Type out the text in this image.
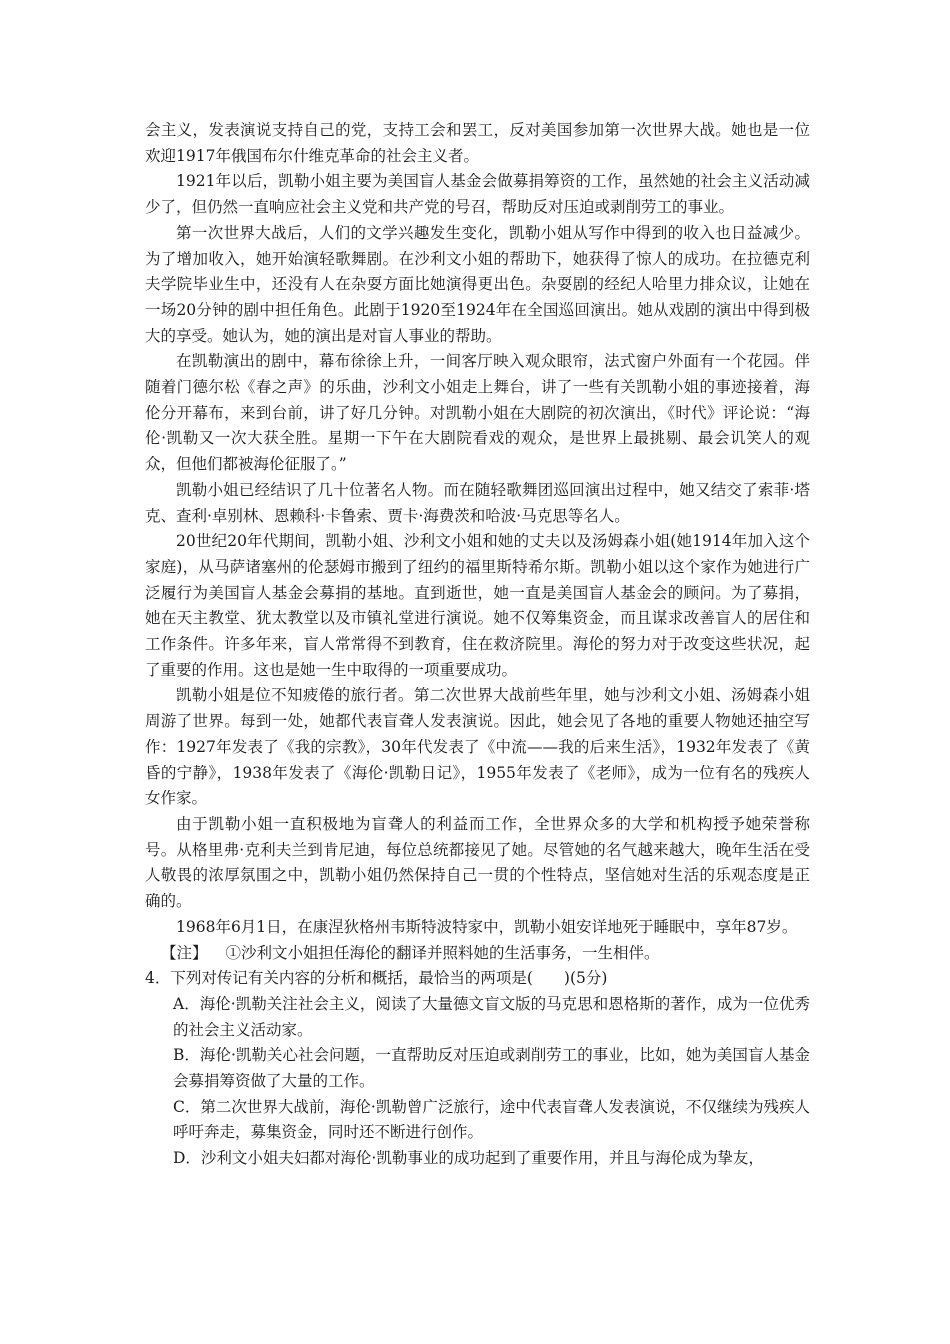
会主义，发表演说支持自己的党，支持工会和罢工，反对美国参加第一次世界大战。她也是一位欢迎1917年俄国布尔什维克革命的社会主义者。

1921年以后，凯勒小姐主要为美国盲人基金会做募捐筹资的工作，虽然她的社会主义活动减少了，但仍然一直响应社会主义党和共产党的号召，帮助反对压迫或剥削劳工的事业。

第一次世界大战后，人们的文学兴趣发生变化，凯勒小姐从写作中得到的收入也日益减少。为了增加收入，她开始演轻歌舞剧。在沙利文小姐的帮助下，她获得了惊人的成功。在拉德克利夫学院毕业生中，还没有人在杂耍方面比她演得更出色。杂耍剧的经纪人哈里力排众议，让她在一场20分钟的剧中担任角色。此剧于1920至1924年在全国巡回演出。她从戏剧的演出中得到极大的享受。她认为，她的演出是对盲人事业的帮助。

在凯勒演出的剧中，幕布徐徐上升，一间客厅映入观众眼帘，法式窗户外面有一个花园。伴随着门德尔松《春之声》的乐曲，沙利文小姐走上舞台，讲了一些有关凯勒小姐的事迹接着，海伦分开幕布，来到台前，讲了好几分钟。对凯勒小姐在大剧院的初次演出，《时代》评论说：“海伦·凯勒又一次大获全胜。星期一下午在大剧院看戏的观众，是世界上最挑剔、最会讥笑人的观众，但他们都被海伦征服了。”

凯勒小姐已经结识了几十位著名人物。而在随轻歌舞团巡回演出过程中，她又结交了索菲·塔克、查利·卓别林、恩赖科·卡鲁索、贾卡·海费茨和哈波·马克思等名人。

20世纪20年代期间，凯勒小姐、沙利文小姐和她的丈夫以及汤姆森小姐(她1914年加入这个家庭)，从马萨诸塞州的伦瑟姆市搬到了纽约的福里斯特希尔斯。凯勒小姐以这个家作为她进行广泛履行为美国盲人基金会募捐的基地。直到逝世，她一直是美国盲人基金会的顾问。为了募捐，她在天主教堂、犹太教堂以及市镇礼堂进行演说。她不仅筹集资金，而且谋求改善盲人的居住和工作条件。许多年来，盲人常常得不到教育，住在救济院里。海伦的努力对于改变这些状况，起了重要的作用。这也是她一生中取得的一项重要成功。

凯勒小姐是位不知疲倦的旅行者。第二次世界大战前些年里，她与沙利文小姐、汤姆森小姐周游了世界。每到一处，她都代表盲聋人发表演说。因此，她会见了各地的重要人物她还抽空写作：1927年发表了《我的宗教》，30年代发表了《中流——我的后来生活》，1932年发表了《黄昏的宁静》，1938年发表了《海伦·凯勒日记》，1955年发表了《老师》，成为一位有名的残疾人女作家。

由于凯勒小姐一直积极地为盲聋人的利益而工作，全世界众多的大学和机构授予她荣誉称号。从格里弗·克利夫兰到肯尼迪，每位总统都接见了她。尽管她的名气越来越大，晚年生活在受人敬畏的浓厚氛围之中，凯勒小姐仍然保持自己一贯的个性特点，坚信她对生活的乐观态度是正确的。

1968年6月1日，在康涅狄格州韦斯特波特家中，凯勒小姐安详地死于睡眠中，享年87岁。

【注】 ①沙利文小姐担任海伦的翻译并照料她的生活事务，一生相伴。

4．下列对传记有关内容的分析和概括，最恰当的两项是(　　)(5分)

A．海伦·凯勒关注社会主义，阅读了大量德文盲文版的马克思和恩格斯的著作，成为一位优秀的社会主义活动家。

B．海伦·凯勒关心社会问题，一直帮助反对压迫或剥削劳工的事业，比如，她为美国盲人基金会募捐筹资做了大量的工作。

C．第二次世界大战前，海伦·凯勒曾广泛旅行，途中代表盲聋人发表演说，不仅继续为残疾人呼吁奔走，募集资金，同时还不断进行创作。

D．沙利文小姐夫妇都对海伦·凯勒事业的成功起到了重要作用，并且与海伦成为挚友，
